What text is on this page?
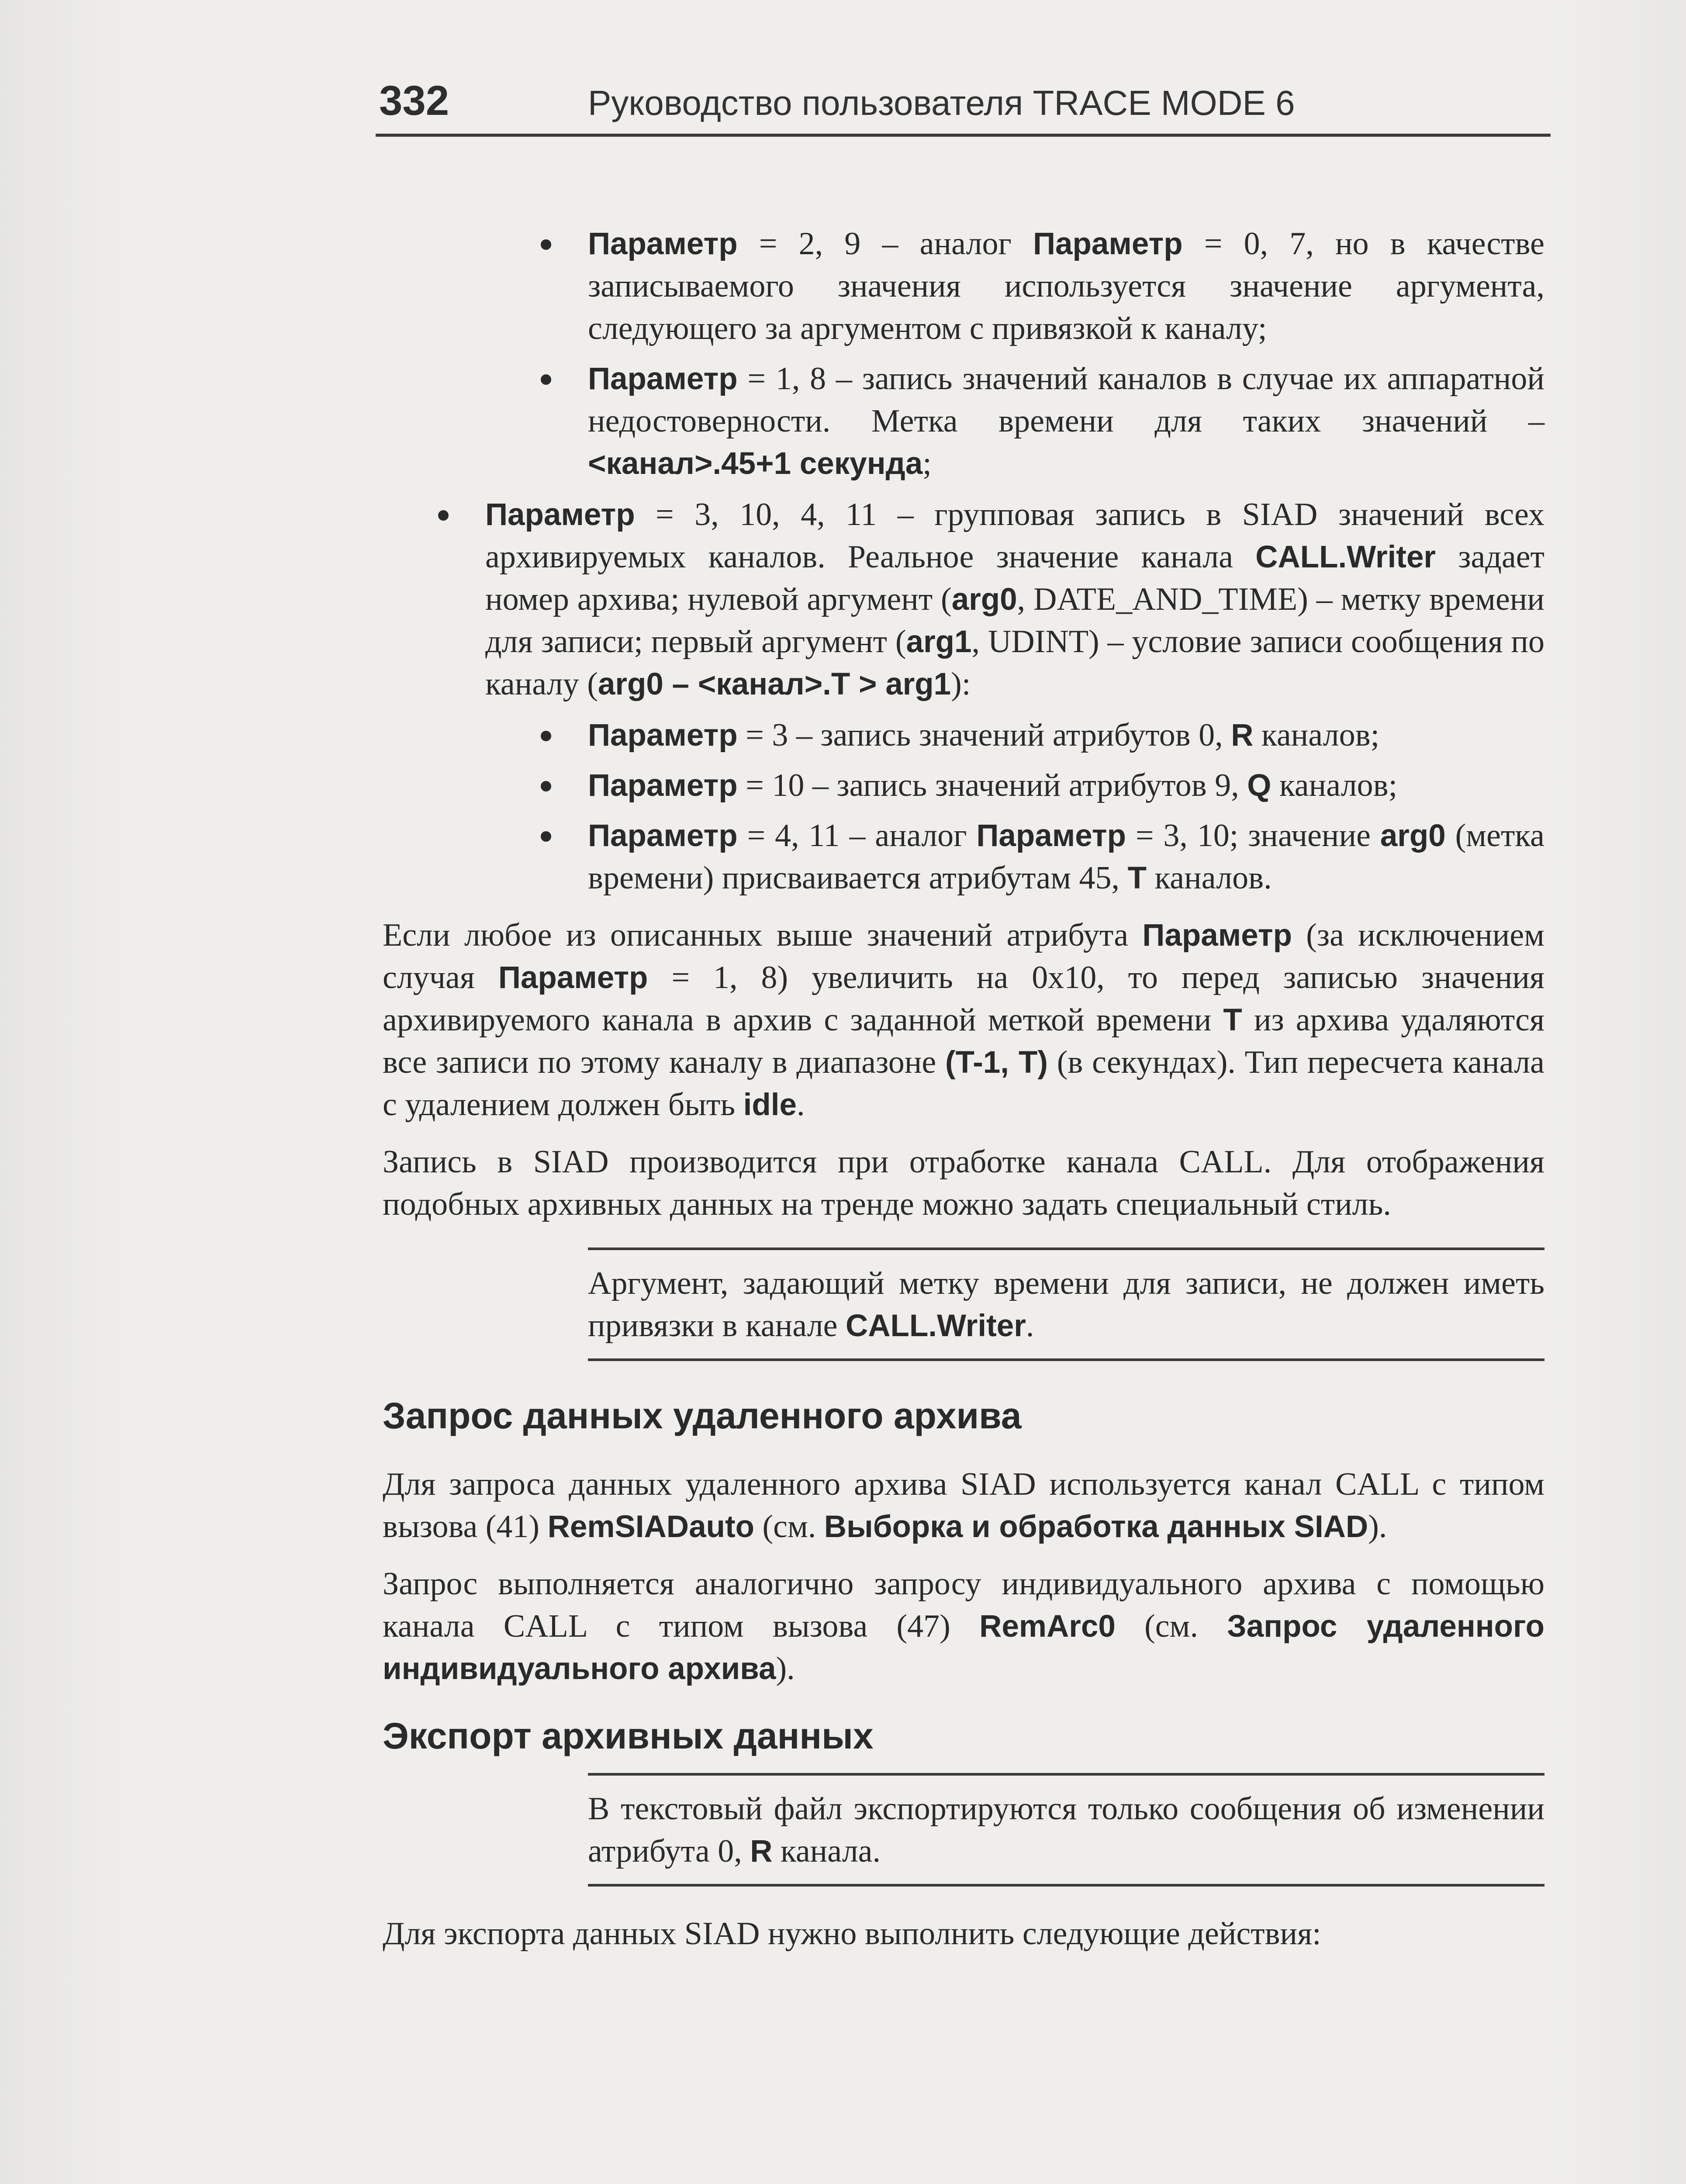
332	Руководство пользователя TRACE MODE 6
Параметр = 2, 9 – аналог Параметр = 0, 7, но в качестве записываемого значения используется значение аргумента, следующего за аргументом с привязкой к каналу;
Параметр = 1, 8 – запись значений каналов в случае их аппаратной недостоверности. Метка времени для таких значений – <канал>.45+1 секунда;
Параметр = 3, 10, 4, 11 – групповая запись в SIAD значений всех архивируемых каналов. Реальное значение канала CALL.Writer задает номер архива; нулевой аргумент (arg0, DATE_AND_TIME) – метку времени для записи; первый аргумент (arg1, UDINT) – условие записи сообщения по каналу (arg0 – <канал>.T > arg1):
Параметр = 3 – запись значений атрибутов 0, R каналов;
Параметр = 10 – запись значений атрибутов 9, Q каналов;
Параметр = 4, 11 – аналог Параметр = 3, 10; значение arg0 (метка времени) присваивается атрибутам 45, T каналов.

Если любое из описанных выше значений атрибута Параметр (за исключением случая Параметр = 1, 8) увеличить на 0x10, то перед записью значения архивируемого канала в архив с заданной меткой времени T из архива удаляются все записи по этому каналу в диапазоне (T-1, T) (в секундах). Тип пересчета канала с удалением должен быть idle.

Запись в SIAD производится при отработке канала CALL. Для отображения подобных архивных данных на тренде можно задать специальный стиль.

Аргумент, задающий метку времени для записи, не должен иметь привязки в канале CALL.Writer.
Запрос данных удаленного архива

Для запроса данных удаленного архива SIAD используется канал CALL с типом вызова (41) RemSIADauto (см. Выборка и обработка данных SIAD).

Запрос выполняется аналогично запросу индивидуального архива с помощью канала CALL с типом вызова (47) RemArc0 (см. Запрос удаленного индивидуального архива).

Экспорт архивных данных
В текстовый файл экспортируются только сообщения об изменении атрибута 0, R канала.

Для экспорта данных SIAD нужно выполнить следующие действия:
